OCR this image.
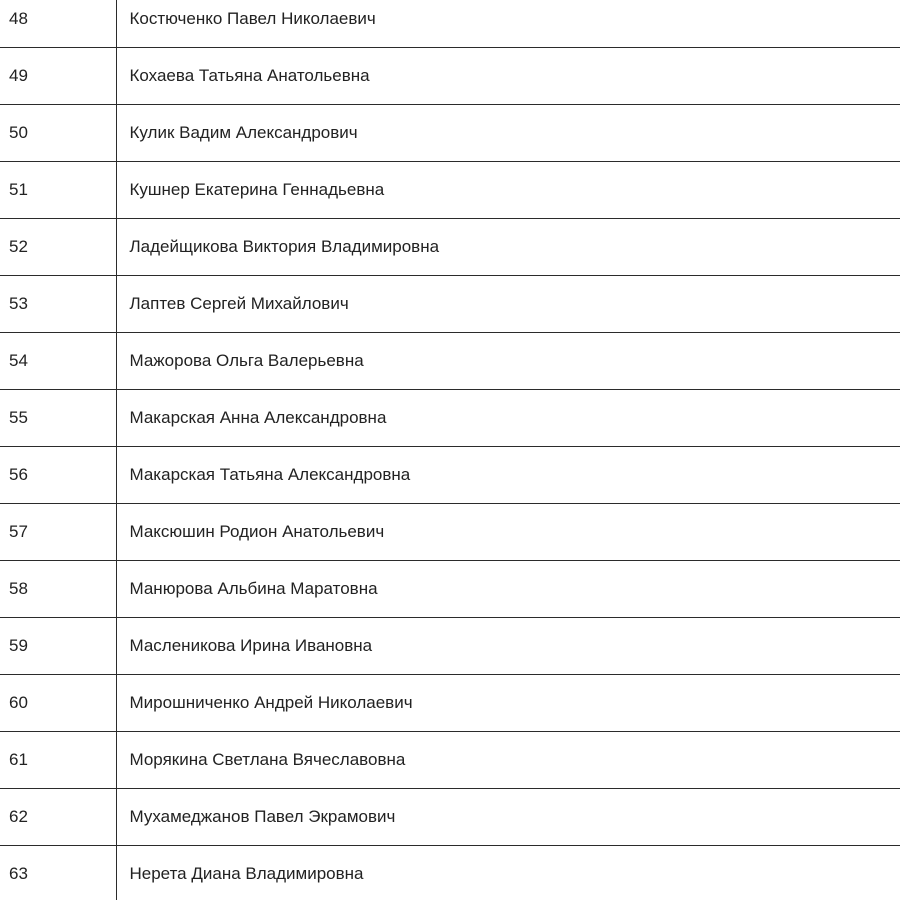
48	Костюченко Павел Николаевич
49	Кохаева Татьяна Анатольевна
50	Кулик Вадим Александрович
51	Кушнер Екатерина Геннадьевна
52	Ладейщикова Виктория Владимировна
53	Лаптев Сергей Михайлович
54	Мажорова Ольга Валерьевна
55	Макарская Анна Александровна
56	Макарская Татьяна Александровна
57	Максюшин Родион Анатольевич
58	Манюрова Альбина Маратовна
59	Масленикова Ирина Ивановна
60	Мирошниченко Андрей Николаевич
61	Морякина Светлана Вячеславовна
62	Мухамеджанов Павел Экрамович
63	Нерета Диана Владимировна
